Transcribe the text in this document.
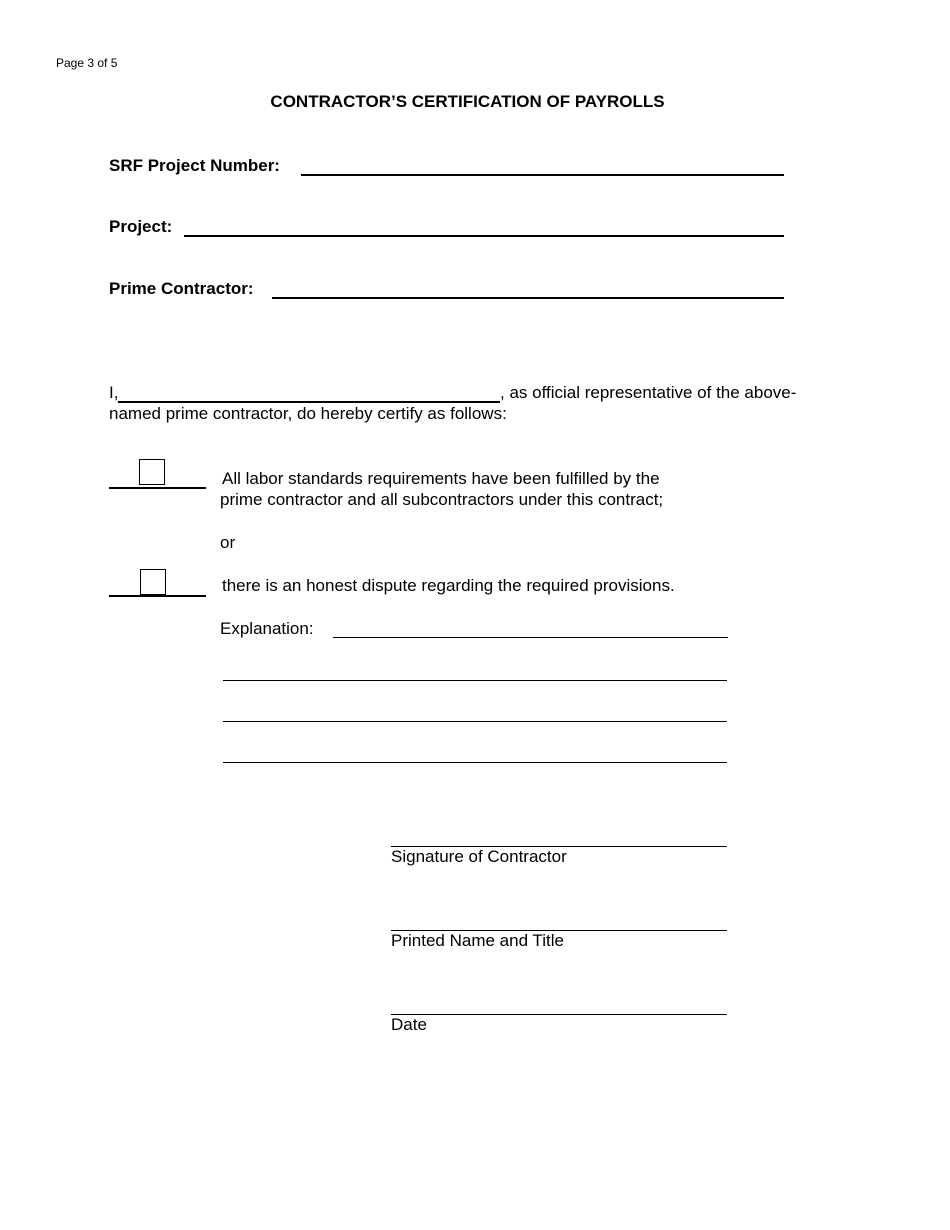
Page 3 of 5
CONTRACTOR’S CERTIFICATION OF PAYROLLS
SRF Project Number:
Project:
Prime Contractor:
I,	, as official representative of the above-
named prime contractor, do hereby certify as follows:
All labor standards requirements have been fulfilled by the
prime contractor and all subcontractors under this contract;
or
there is an honest dispute regarding the required provisions.
Explanation:
Signature of Contractor
Printed Name and Title
Date
